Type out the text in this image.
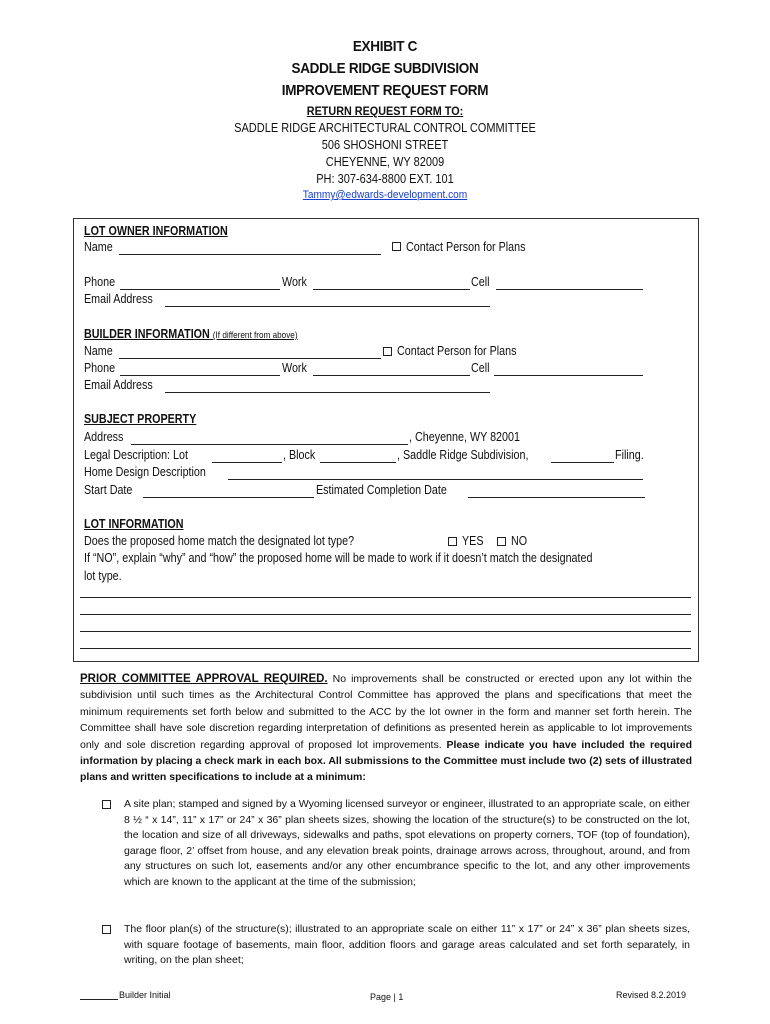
EXHIBIT C
SADDLE RIDGE SUBDIVISION
IMPROVEMENT REQUEST FORM
RETURN REQUEST FORM TO:
SADDLE RIDGE ARCHITECTURAL CONTROL COMMITTEE
506 SHOSHONI STREET
CHEYENNE, WY 82009
PH: 307-634-8800 EXT. 101
Tammy@edwards-development.com
LOT OWNER INFORMATION
Name	Contact Person for Plans
Phone	Work	Cell
Email Address
BUILDER INFORMATION (If different from above)
Name	Contact Person for Plans
Phone	Work	Cell
Email Address
SUBJECT PROPERTY
Address	, Cheyenne, WY 82001
Legal Description: Lot	, Block	, Saddle Ridge Subdivision,	Filing.
Home Design Description
Start Date	Estimated Completion Date
LOT INFORMATION
Does the proposed home match the designated lot type?	YES NO
If “NO”, explain “why” and “how” the proposed home will be made to work if it doesn’t match the designated
lot type.
PRIOR COMMITTEE APPROVAL REQUIRED. No improvements shall be constructed or erected upon any lot within the subdivision until such times as the Architectural Control Committee has approved the plans and specifications that meet the minimum requirements set forth below and submitted to the ACC by the lot owner in the form and manner set forth herein. The Committee shall have sole discretion regarding interpretation of definitions as presented herein as applicable to lot improvements only and sole discretion regarding approval of proposed lot improvements. Please indicate you have included the required information by placing a check mark in each box. All submissions to the Committee must include two (2) sets of illustrated plans and written specifications to include at a minimum:
A site plan; stamped and signed by a Wyoming licensed surveyor or engineer, illustrated to an appropriate scale, on either 8 ½ “ x 14”, 11” x 17” or 24” x 36” plan sheets sizes, showing the location of the structure(s) to be constructed on the lot, the location and size of all driveways, sidewalks and paths, spot elevations on property corners, TOF (top of foundation), garage floor, 2’ offset from house, and any elevation break points, drainage arrows across, throughout, around, and from any structures on such lot, easements and/or any other encumbrance specific to the lot, and any other improvements which are known to the applicant at the time of the submission;
The floor plan(s) of the structure(s); illustrated to an appropriate scale on either 11” x 17” or 24” x 36” plan sheets sizes, with square footage of basements, main floor, addition floors and garage areas calculated and set forth separately, in writing, on the plan sheet;
Builder Initial	Page | 1	Revised 8.2.2019
